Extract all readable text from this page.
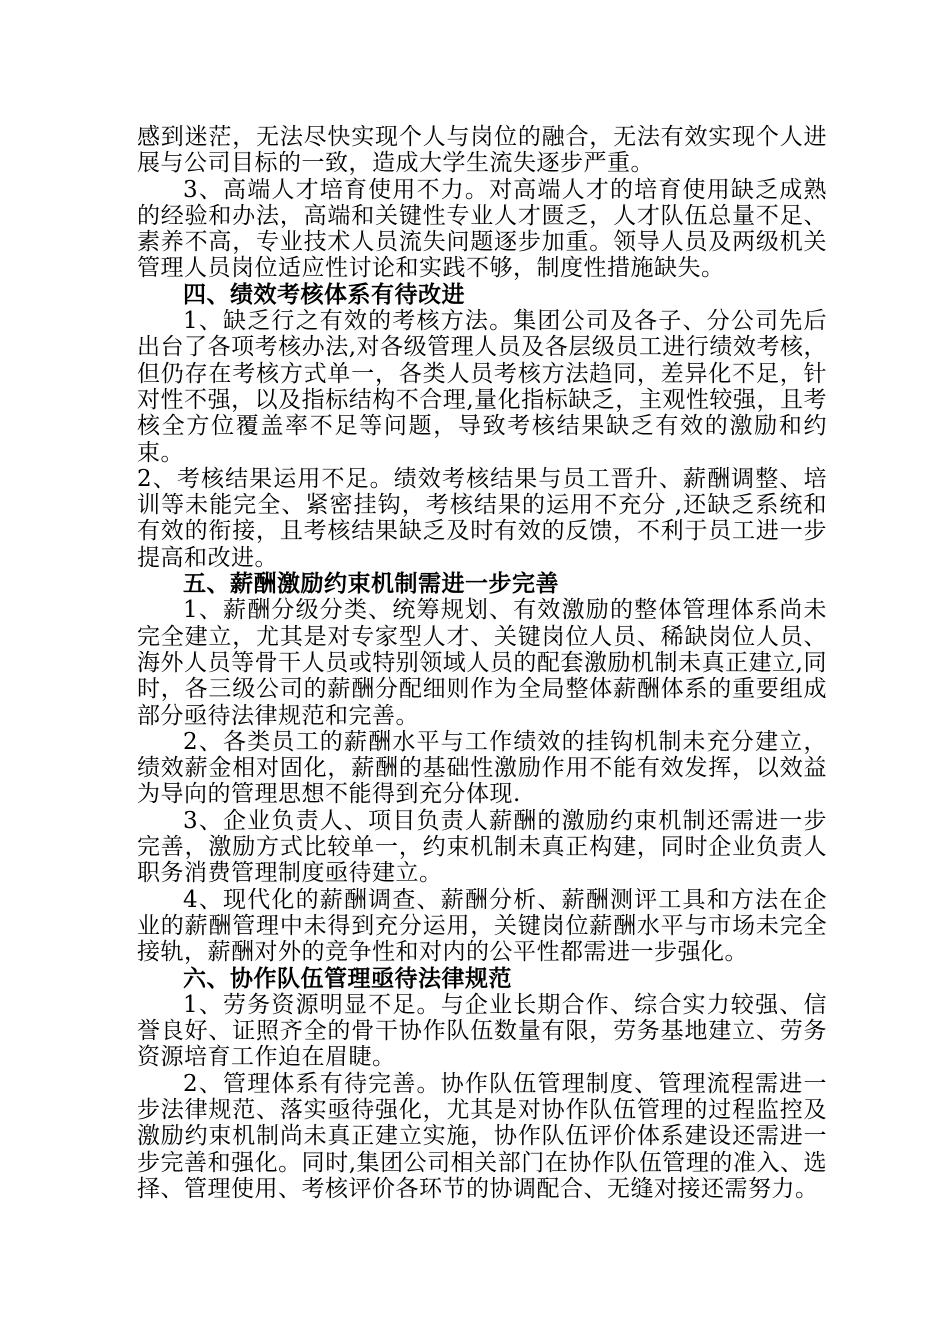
感到迷茫，无法尽快实现个人与岗位的融合，无法有效实现个人进展与公司目标的一致，造成大学生流失逐步严重。

3、高端人才培育使用不力。对高端人才的培育使用缺乏成熟的经验和办法，高端和关键性专业人才匮乏，人才队伍总量不足、素养不高，专业技术人员流失问题逐步加重。领导人员及两级机关管理人员岗位适应性讨论和实践不够，制度性措施缺失。

四、绩效考核体系有待改进

1、缺乏行之有效的考核方法。集团公司及各子、分公司先后出台了各项考核办法,对各级管理人员及各层级员工进行绩效考核，但仍存在考核方式单一，各类人员考核方法趋同，差异化不足，针对性不强，以及指标结构不合理,量化指标缺乏，主观性较强，且考核全方位覆盖率不足等问题，导致考核结果缺乏有效的激励和约束。

2、考核结果运用不足。绩效考核结果与员工晋升、薪酬调整、培训等未能完全、紧密挂钩，考核结果的运用不充分 ,还缺乏系统和有效的衔接，且考核结果缺乏及时有效的反馈，不利于员工进一步提高和改进。

五、薪酬激励约束机制需进一步完善

1、薪酬分级分类、统筹规划、有效激励的整体管理体系尚未完全建立，尤其是对专家型人才、关键岗位人员、稀缺岗位人员、海外人员等骨干人员或特别领域人员的配套激励机制未真正建立,同时，各三级公司的薪酬分配细则作为全局整体薪酬体系的重要组成部分亟待法律规范和完善。

2、各类员工的薪酬水平与工作绩效的挂钩机制未充分建立，绩效薪金相对固化，薪酬的基础性激励作用不能有效发挥，以效益为导向的管理思想不能得到充分体现.

3、企业负责人、项目负责人薪酬的激励约束机制还需进一步完善，激励方式比较单一，约束机制未真正构建，同时企业负责人职务消费管理制度亟待建立。

4、现代化的薪酬调查、薪酬分析、薪酬测评工具和方法在企业的薪酬管理中未得到充分运用，关键岗位薪酬水平与市场未完全接轨，薪酬对外的竞争性和对内的公平性都需进一步强化。

六、协作队伍管理亟待法律规范

1、劳务资源明显不足。与企业长期合作、综合实力较强、信誉良好、证照齐全的骨干协作队伍数量有限，劳务基地建立、劳务资源培育工作迫在眉睫。

2、管理体系有待完善。协作队伍管理制度、管理流程需进一步法律规范、落实亟待强化，尤其是对协作队伍管理的过程监控及激励约束机制尚未真正建立实施，协作队伍评价体系建设还需进一步完善和强化。同时,集团公司相关部门在协作队伍管理的准入、选择、管理使用、考核评价各环节的协调配合、无缝对接还需努力。
